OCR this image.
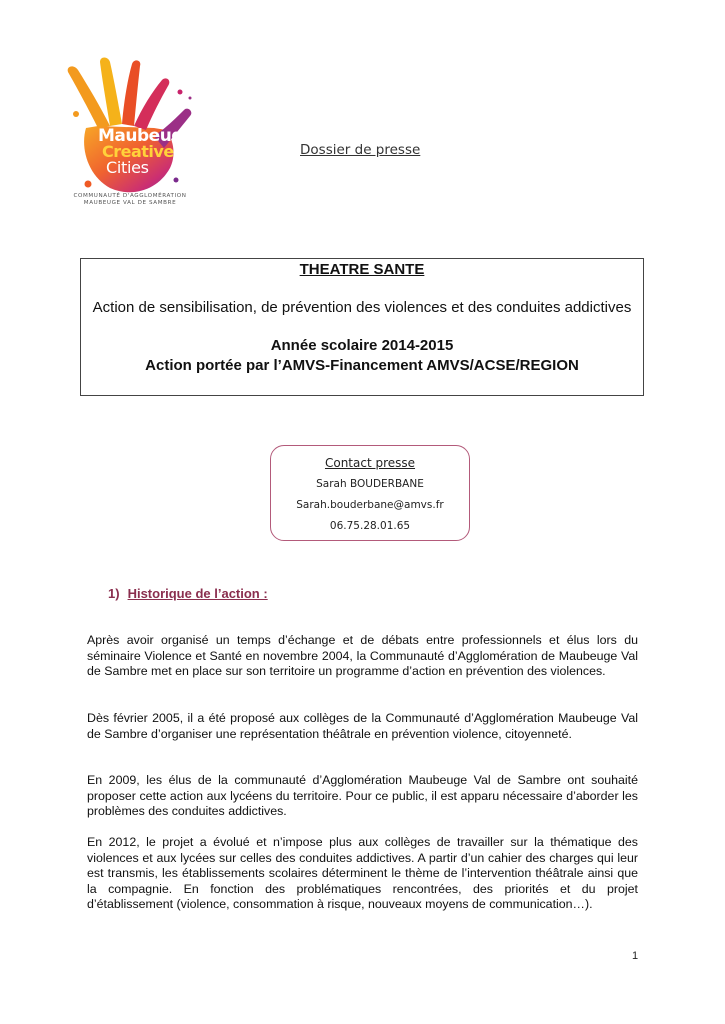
Maubeuge
Creative
Cities
COMMUNAUTÉ D'AGGLOMÉRATION
MAUBEUGE VAL DE SAMBRE
Dossier de presse
THEATRE SANTE
Action de sensibilisation, de prévention des violences et des conduites addictives
Année scolaire 2014-2015
Action portée par l’AMVS-Financement AMVS/ACSE/REGION
Contact presse
Sarah BOUDERBANE
Sarah.bouderbane@amvs.fr
06.75.28.01.65
1) Historique de l’action :

Après avoir organisé un temps d’échange et de débats entre professionnels et élus lors du séminaire Violence et Santé en novembre 2004, la Communauté d’Agglomération de Maubeuge Val de Sambre met en place sur son territoire un programme d’action en prévention des violences.

Dès février 2005, il a été proposé aux collèges de la Communauté d’Agglomération Maubeuge Val de Sambre d’organiser une représentation théâtrale en prévention violence, citoyenneté.

En 2009, les élus de la communauté d’Agglomération Maubeuge Val de Sambre ont souhaité proposer cette action aux lycéens du territoire. Pour ce public, il est apparu nécessaire d’aborder les problèmes des conduites addictives.

En 2012, le projet a évolué et n’impose plus aux collèges de travailler sur la thématique des violences et aux lycées sur celles des conduites addictives. A partir d’un cahier des charges qui leur est transmis, les établissements scolaires déterminent le thème de l’intervention théâtrale ainsi que la compagnie. En fonction des problématiques rencontrées, des priorités et du projet d’établissement (violence, consommation à risque, nouveaux moyens de communication…).

1
